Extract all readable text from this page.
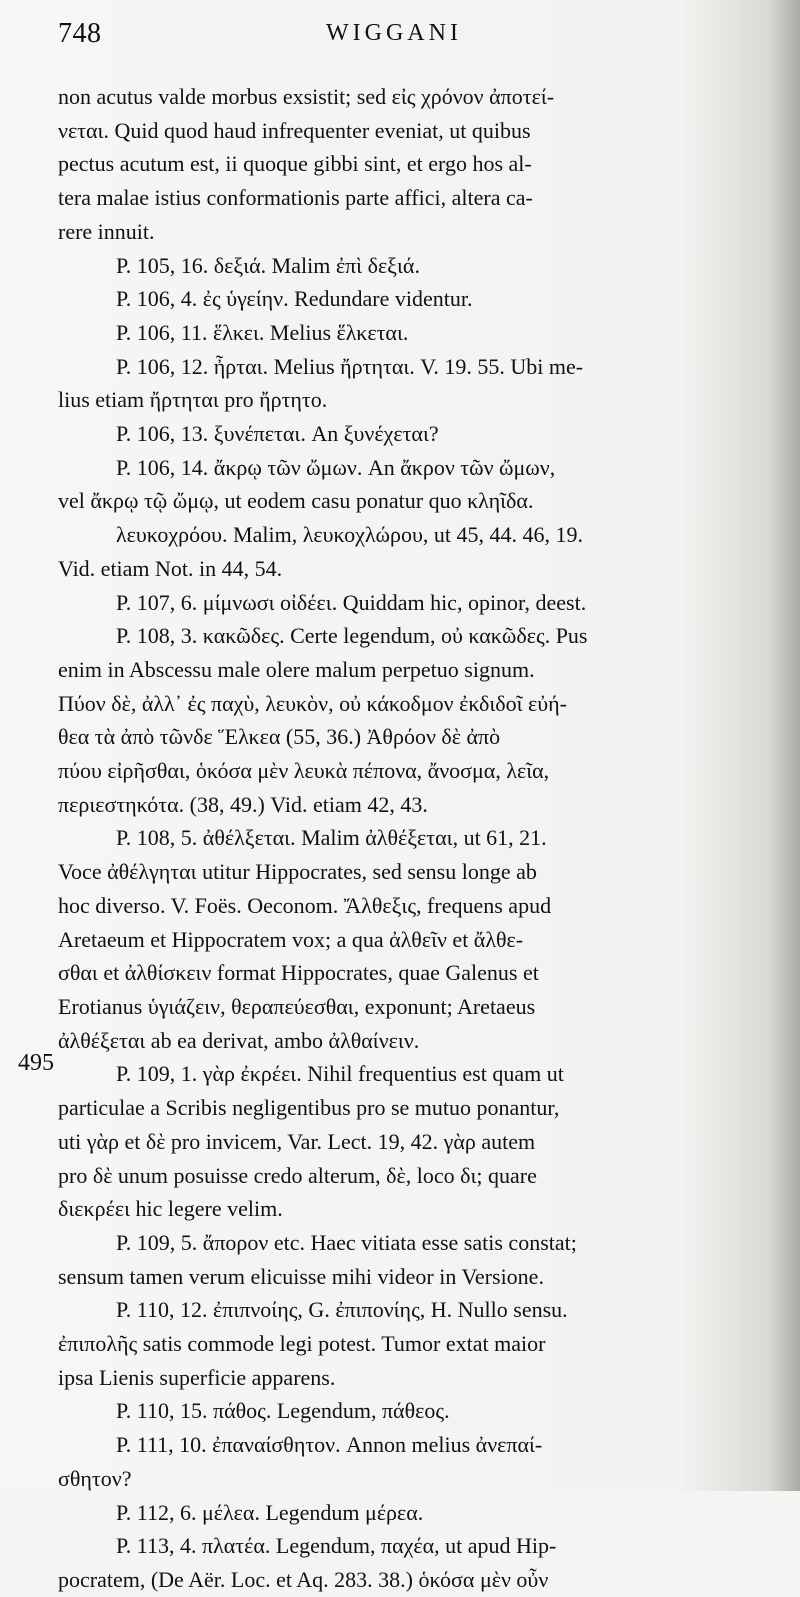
748	WIGGANI
non acutus valde morbus exsistit; sed εἰς χρόνον ἀποτεί-
νεται. Quid quod haud infrequenter eveniat, ut quibus
pectus acutum est, ii quoque gibbi sint, et ergo hos al-
tera malae istius conformationis parte affici, altera ca-
rere innuit.
P. 105, 16. δεξιά. Malim ἐπὶ δεξιά.
P. 106, 4. ἐς ὑγείην. Redundare videntur.
P. 106, 11. ἕλκει. Melius ἕλκεται.
P. 106, 12. ἦρται. Melius ἤρτηται. V. 19. 55. Ubi me-
lius etiam ἤρτηται pro ἤρτητο.
P. 106, 13. ξυνέπεται. An ξυνέχεται?
P. 106, 14. ἄκρῳ τῶν ὤμων. An ἄκρον τῶν ὤμων,
vel ἄκρῳ τῷ ὤμῳ, ut eodem casu ponatur quo κληῖδα.
λευκοχρόου. Malim, λευκοχλώρου, ut 45, 44. 46, 19.
Vid. etiam Not. in 44, 54.
P. 107, 6. μίμνωσι οἰδέει. Quiddam hic, opinor, deest.
P. 108, 3. κακῶδες. Certe legendum, οὐ κακῶδες. Pus
enim in Abscessu male olere malum perpetuo signum.
Πύον δὲ, ἀλλ᾽ ἐς παχὺ, λευκὸν, οὐ κάκοδμον ἐκδιδοῖ εὐή-
θεα τὰ ἀπὸ τῶνδε Ἕλκεα (55, 36.) Ἀθρόον δὲ ἀπὸ
πύου εἰρῆσθαι, ὁκόσα μὲν λευκὰ πέπονα, ἄνοσμα, λεῖα,
περιεστηκότα. (38, 49.) Vid. etiam 42, 43.
P. 108, 5. ἀθέλξεται. Malim ἀλθέξεται, ut 61, 21.
Voce ἀθέλγηται utitur Hippocrates, sed sensu longe ab
hoc diverso. V. Foës. Oeconom. Ἄλθεξις, frequens apud
Aretaeum et Hippocratem vox; a qua ἀλθεῖν et ἄλθε-
σθαι et ἀλθίσκειν format Hippocrates, quae Galenus et
Erotianus ὑγιάζειν, θεραπεύεσθαι, exponunt; Aretaeus
ἀλθέξεται ab ea derivat, ambo ἀλθαίνειν.
P. 109, 1. γὰρ ἐκρέει. Nihil frequentius est quam ut
particulae a Scribis negligentibus pro se mutuo ponantur,
uti γὰρ et δὲ pro invicem, Var. Lect. 19, 42. γὰρ autem
pro δὲ unum posuisse credo alterum, δὲ, loco δι; quare
διεκρέει hic legere velim.
P. 109, 5. ἄπορον etc. Haec vitiata esse satis constat;
sensum tamen verum elicuisse mihi videor in Versione.
P. 110, 12. ἐπιπνοίης, G. ἐπιπονίης, H. Nullo sensu.
ἐπιπολῆς satis commode legi potest. Tumor extat maior
ipsa Lienis superficie apparens.
P. 110, 15. πάθος. Legendum, πάθεος.
P. 111, 10. ἐπαναίσθητον. Annon melius ἀνεπαί-
σθητον?
P. 112, 6. μέλεα. Legendum μέρεα.
P. 113, 4. πλατέα. Legendum, παχέα, ut apud Hip-
pocratem, (De Aër. Loc. et Aq. 283. 38.) ὁκόσα μὲν οὖν
495
